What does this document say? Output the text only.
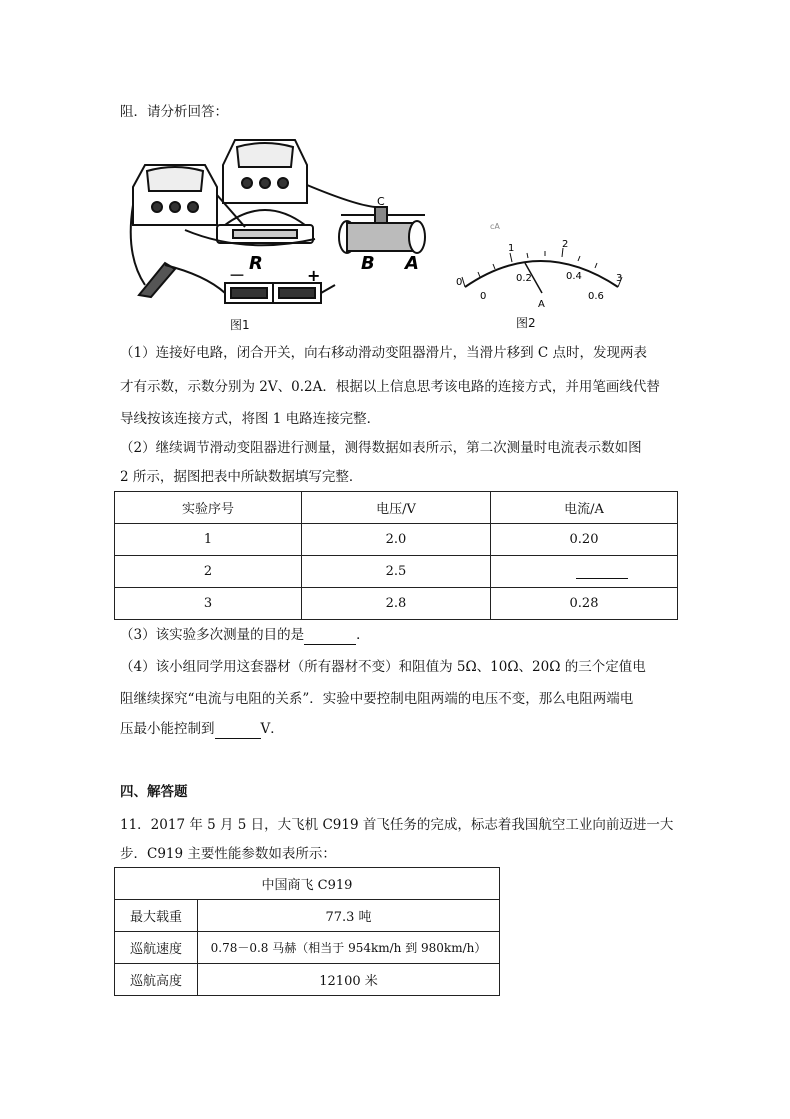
阻．请分析回答：
R	B A
C
－	+
图1
cA
0
1	2
3
0
0.2	0.4
0.6
A
图2
（1）连接好电路，闭合开关，向右移动滑动变阻器滑片，当滑片移到 C 点时，发现两表
才有示数，示数分别为 2V、0.2A．根据以上信息思考该电路的连接方式，并用笔画线代替
导线按该连接方式，将图 1 电路连接完整．
（2）继续调节滑动变阻器进行测量，测得数据如表所示，第二次测量时电流表示数如图
2 所示，据图把表中所缺数据填写完整．
实验序号	电压/V	电流/A
1	2.0	0.20
2	2.5	
3	2.8	0.28
（3）该实验多次测量的目的是	．
（4）该小组同学用这套器材（所有器材不变）和阻值为 5Ω、10Ω、20Ω 的三个定值电
阻继续探究“电流与电阻的关系”．实验中要控制电阻两端的电压不变，那么电阻两端电
压最小能控制到	V．
四、解答题
11．2017 年 5 月 5 日，大飞机 C919 首飞任务的完成，标志着我国航空工业向前迈进一大
步．C919 主要性能参数如表所示：
中国商飞 C919	
最大载重	77.3 吨
巡航速度	0.78－0.8 马赫（相当于 954km/h 到 980km/h）
巡航高度	12100 米
